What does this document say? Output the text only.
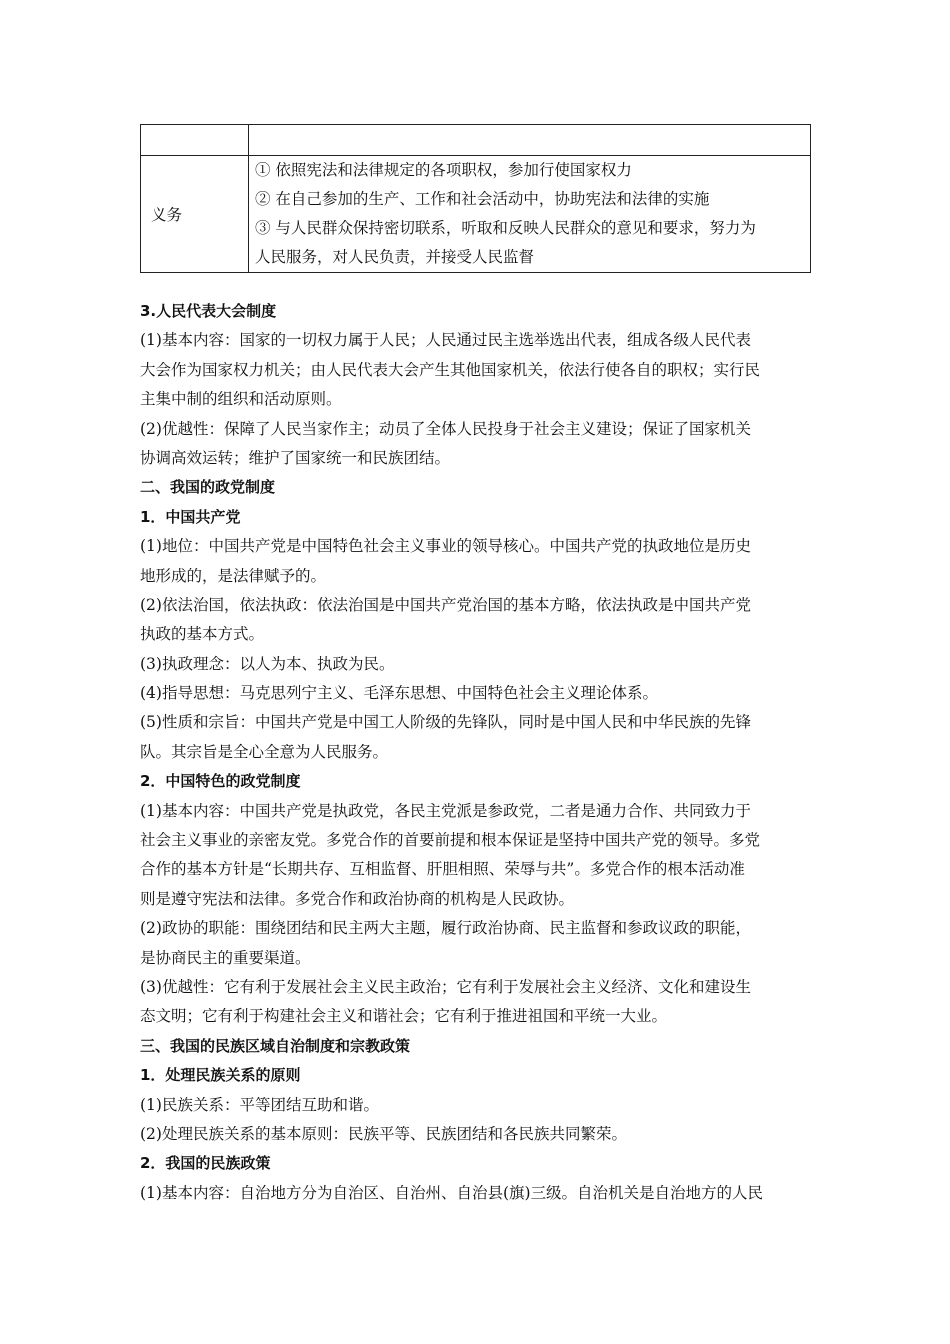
义务	① 依照宪法和法律规定的各项职权，参加行使国家权力
② 在自己参加的生产、工作和社会活动中，协助宪法和法律的实施
③ 与人民群众保持密切联系，听取和反映人民群众的意见和要求，努力为
人民服务，对人民负责，并接受人民监督
3.人民代表大会制度
(1)基本内容：国家的一切权力属于人民；人民通过民主选举选出代表，组成各级人民代表
大会作为国家权力机关；由人民代表大会产生其他国家机关，依法行使各自的职权；实行民
主集中制的组织和活动原则。
(2)优越性：保障了人民当家作主；动员了全体人民投身于社会主义建设；保证了国家机关
协调高效运转；维护了国家统一和民族团结。
二、我国的政党制度
1．中国共产党
(1)地位：中国共产党是中国特色社会主义事业的领导核心。中国共产党的执政地位是历史
地形成的，是法律赋予的。
(2)依法治国，依法执政：依法治国是中国共产党治国的基本方略，依法执政是中国共产党
执政的基本方式。
(3)执政理念：以人为本、执政为民。
(4)指导思想：马克思列宁主义、毛泽东思想、中国特色社会主义理论体系。
(5)性质和宗旨：中国共产党是中国工人阶级的先锋队，同时是中国人民和中华民族的先锋
队。其宗旨是全心全意为人民服务。
2．中国特色的政党制度
(1)基本内容：中国共产党是执政党，各民主党派是参政党，二者是通力合作、共同致力于
社会主义事业的亲密友党。多党合作的首要前提和根本保证是坚持中国共产党的领导。多党
合作的基本方针是“长期共存、互相监督、肝胆相照、荣辱与共”。多党合作的根本活动准
则是遵守宪法和法律。多党合作和政治协商的机构是人民政协。
(2)政协的职能：围绕团结和民主两大主题，履行政治协商、民主监督和参政议政的职能，
是协商民主的重要渠道。
(3)优越性：它有利于发展社会主义民主政治；它有利于发展社会主义经济、文化和建设生
态文明；它有利于构建社会主义和谐社会；它有利于推进祖国和平统一大业。
三、我国的民族区域自治制度和宗教政策
1．处理民族关系的原则
(1)民族关系：平等团结互助和谐。
(2)处理民族关系的基本原则：民族平等、民族团结和各民族共同繁荣。
2．我国的民族政策
(1)基本内容：自治地方分为自治区、自治州、自治县(旗)三级。自治机关是自治地方的人民
